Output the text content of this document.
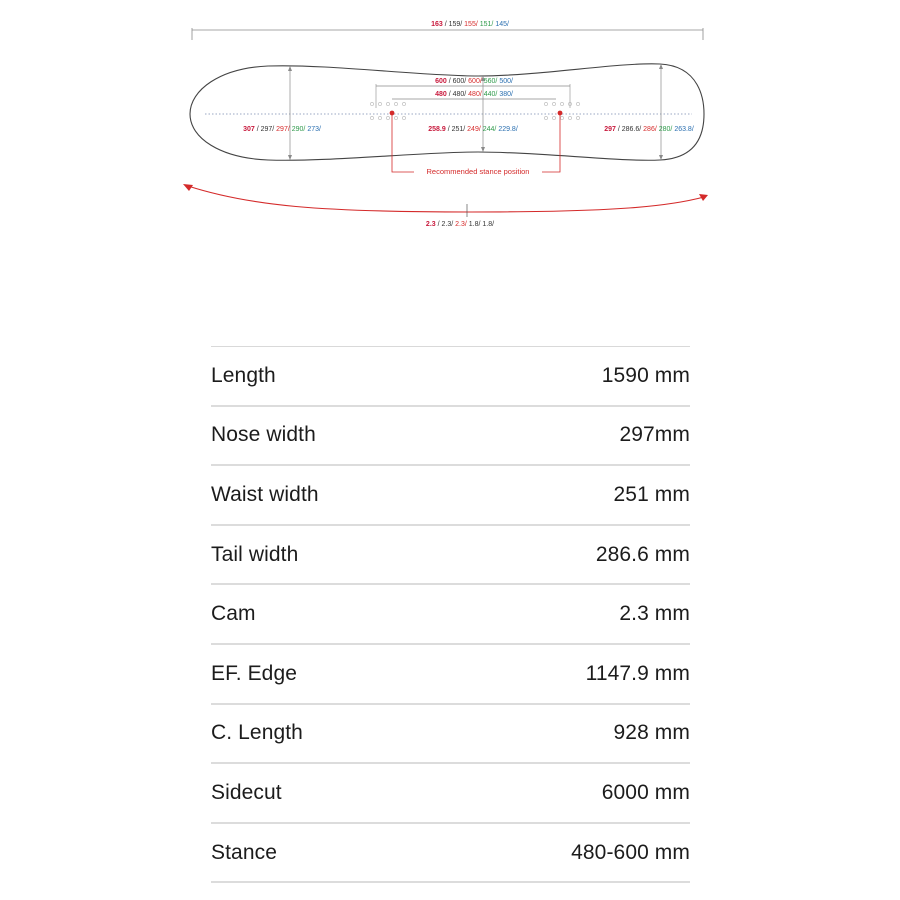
163 / 159/ 155/ 151/ 145/
307 / 297/ 297/ 290/ 273/	297 / 286.6/ 286/ 280/ 263.8/
258.9 / 251/ 249/ 244/ 229.8/
600 / 600/ 600/ 560/ 500/
480 / 480/ 480/ 440/ 380/
Recommended stance position
2.3 / 2.3/ 2.3/ 1.8/ 1.8/
Length	1590 mm
Nose width	297mm
Waist width	251 mm
Tail width	286.6 mm
Cam	2.3 mm
EF. Edge	1147.9 mm
C. Length	928 mm
Sidecut	6000 mm
Stance	480-600 mm
